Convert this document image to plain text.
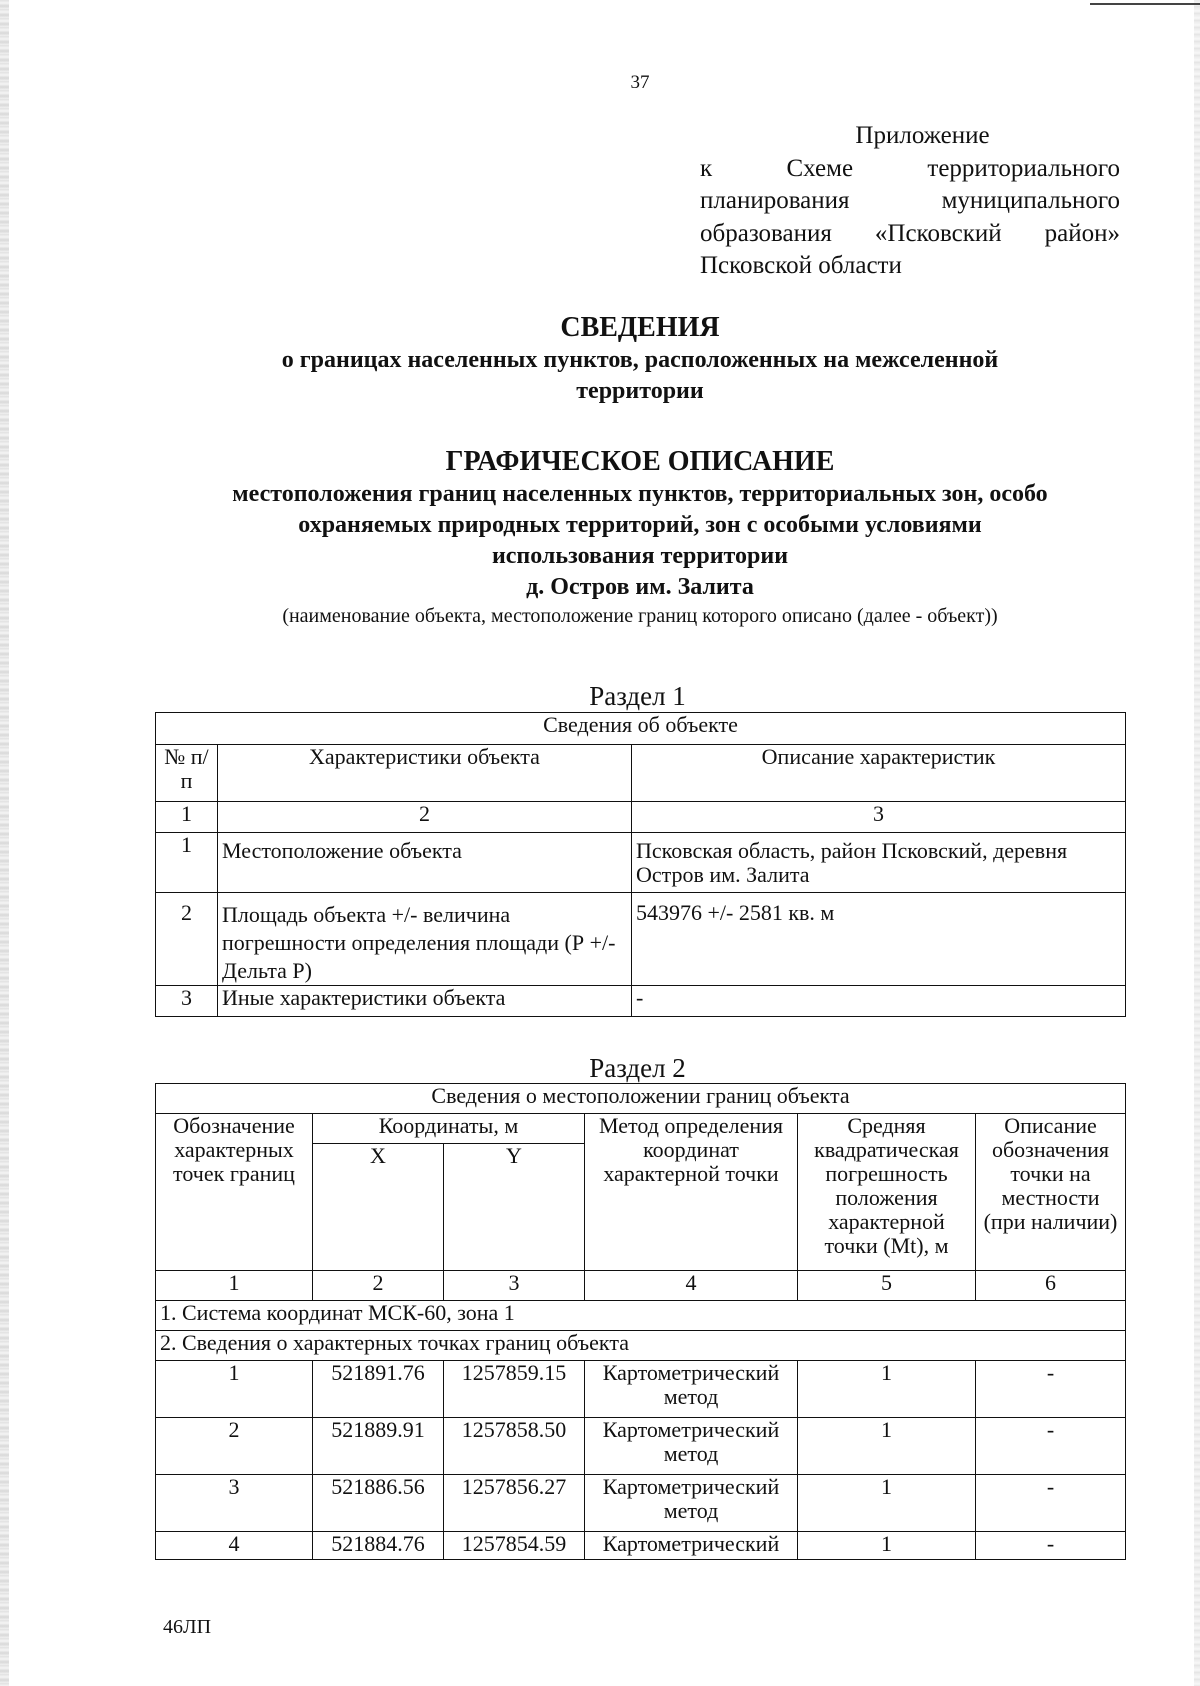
37
Приложение
к Схеме территориального
планирования муниципального
образования «Псковский район»
Псковской области
СВЕДЕНИЯ
о границах населенных пунктов, расположенных на межселенной
территории
ГРАФИЧЕСКОЕ ОПИСАНИЕ
местоположения границ населенных пунктов, территориальных зон, особо
охраняемых природных территорий, зон с особыми условиями
использования территории
д. Остров им. Залита
(наименование объекта, местоположение границ которого описано (далее - объект))
Раздел 1
Сведения об объекте		
№ п/п	Характеристики объекта	Описание характеристик
1	2	3
1	Местоположение объекта	Псковская область, район Псковский, деревня Остров им. Залита
2	Площадь объекта +/- величина погрешности определения площади (Р +/- Дельта Р)	543976 +/- 2581 кв. м
3	Иные характеристики объекта	-
Раздел 2
Сведения о местоположении границ объекта					
Обозначение характерных точек границ	Координаты, м		Метод определения координат характерной точки	Средняя квадратическая погрешность положения характерной точки (Mt), м	Описание обозначения точки на местности (при наличии)
	X	Y			
1	2	3	4	5	6
1. Система координат МСК-60, зона 1					
2. Сведения о характерных точках границ объекта					
1	521891.76	1257859.15	Картометрический метод	1	-
2	521889.91	1257858.50	Картометрический метод	1	-
3	521886.56	1257856.27	Картометрический метод	1	-
4	521884.76	1257854.59	Картометрический	1	-
46ЛП
